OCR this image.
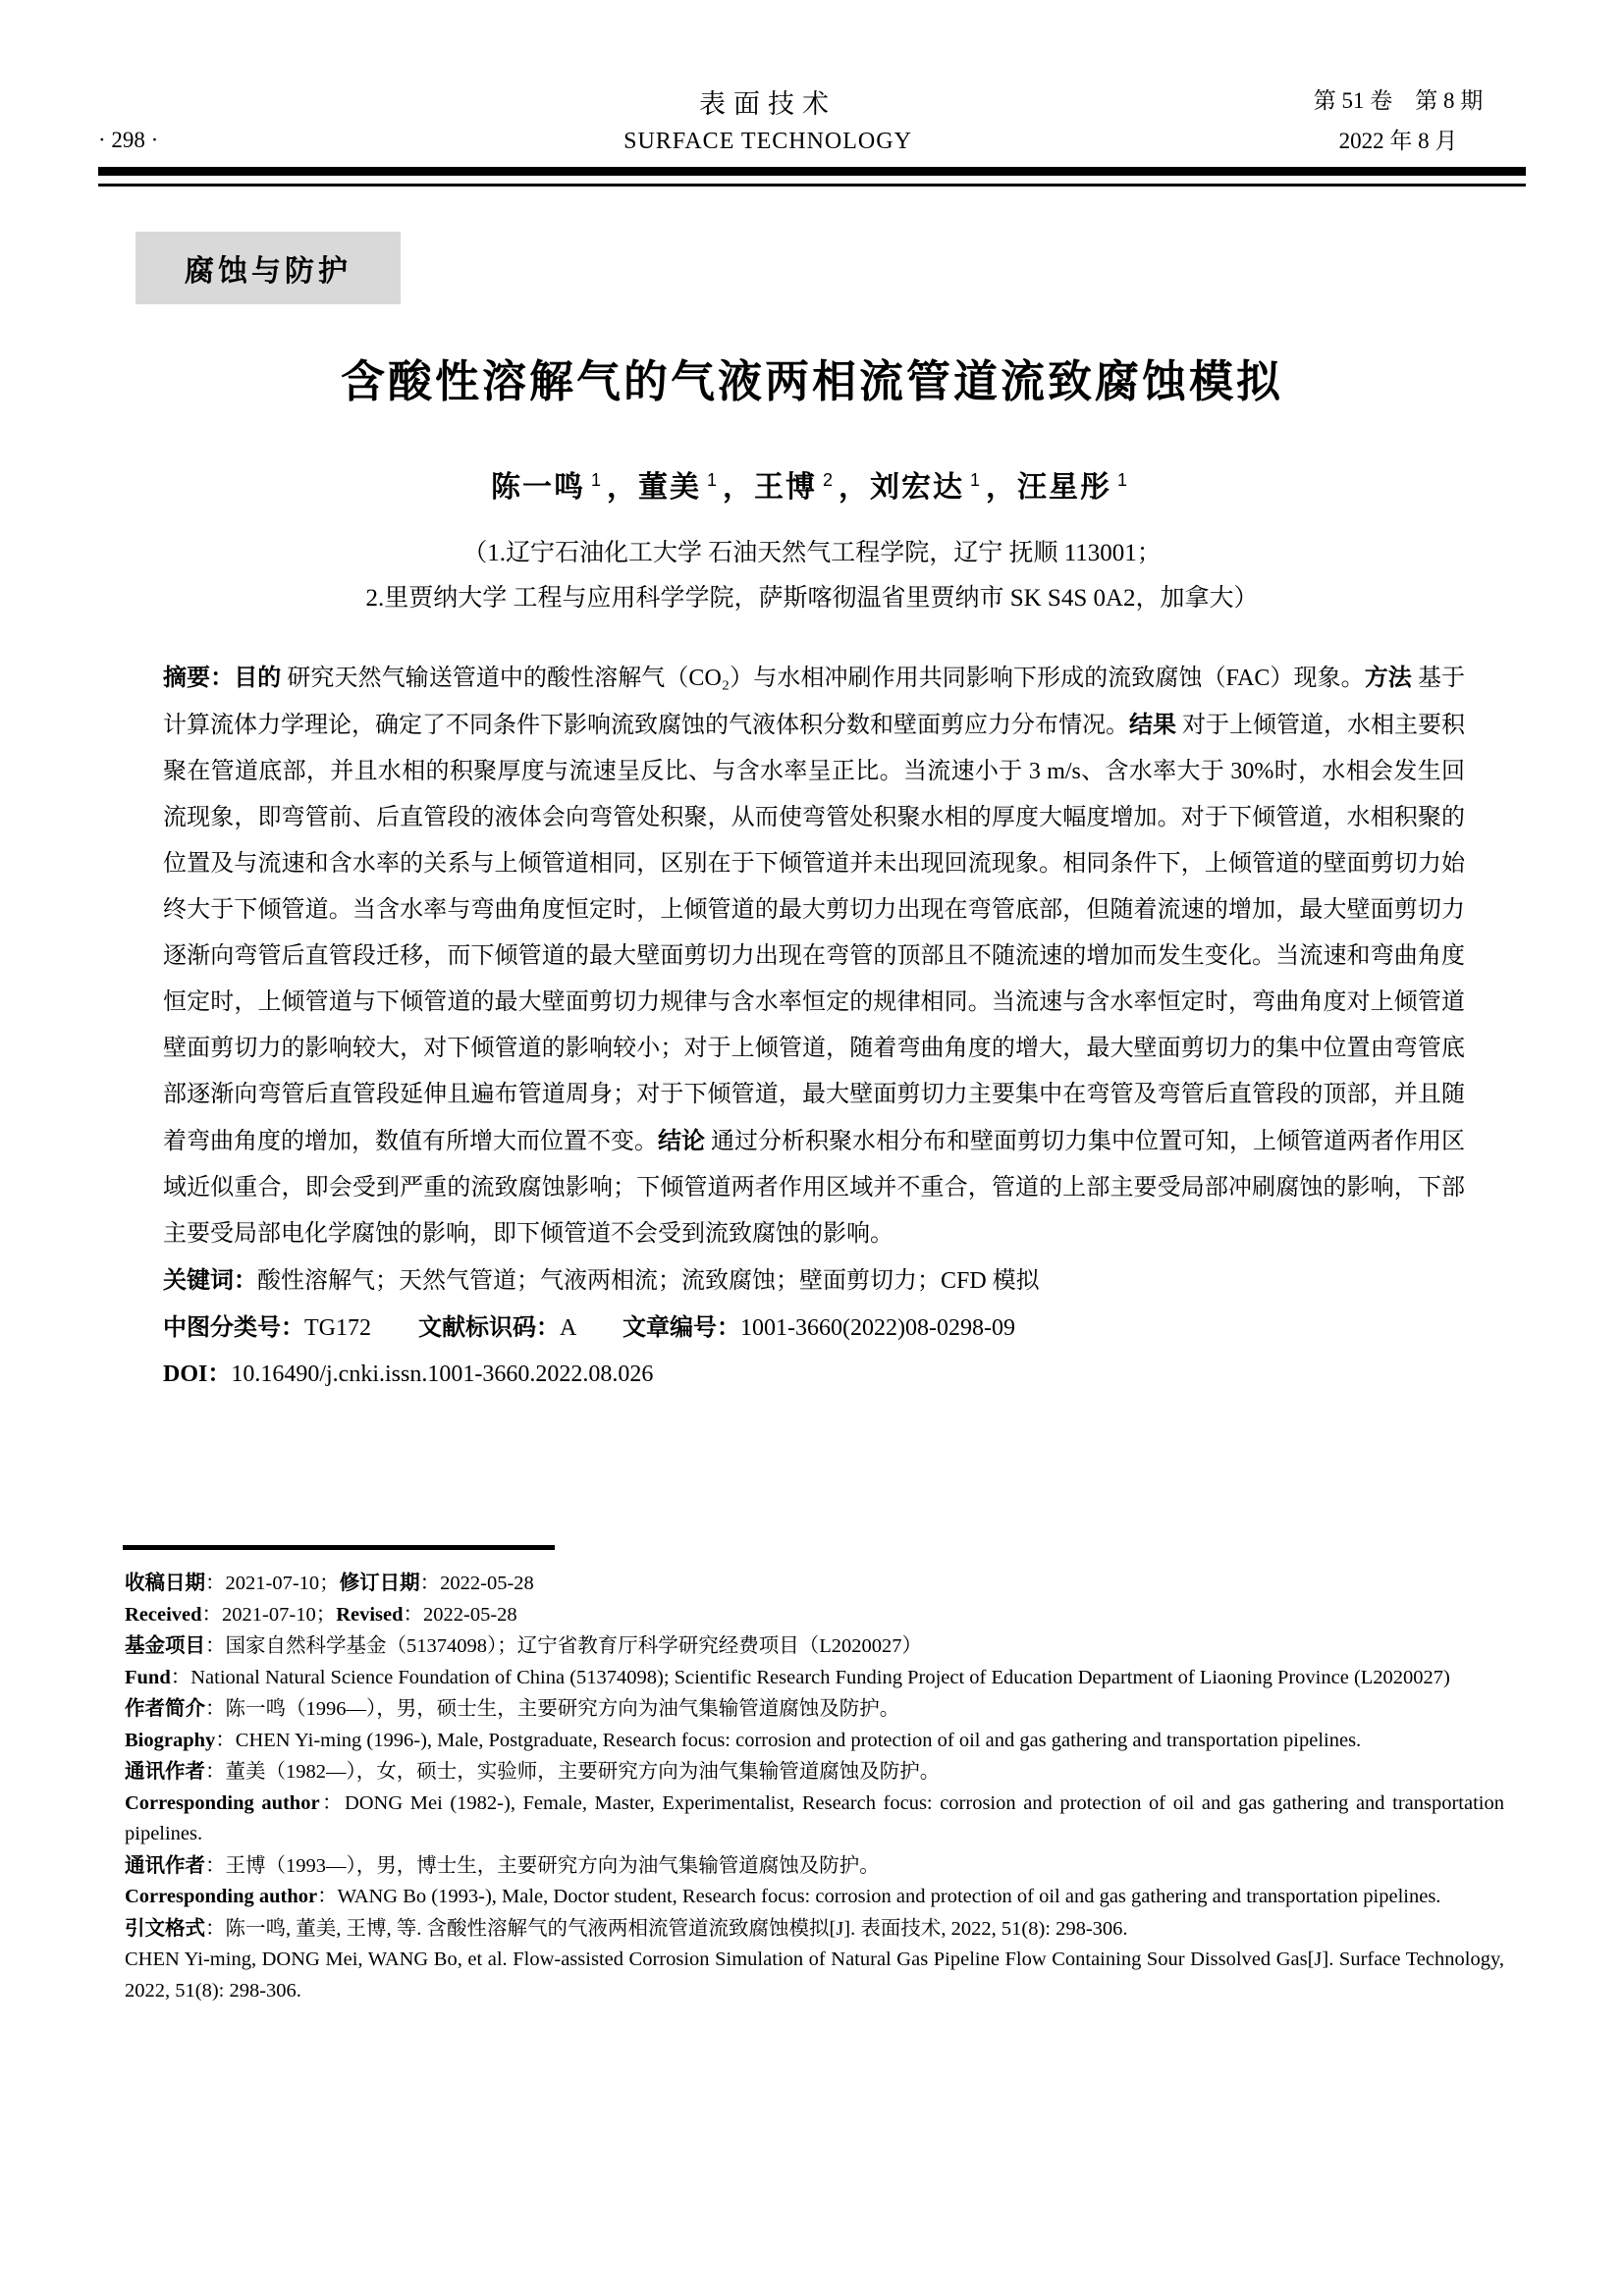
· 298 ·
表面技术
SURFACE TECHNOLOGY
第 51 卷　第 8 期
2022 年 8 月
腐蚀与防护
含酸性溶解气的气液两相流管道流致腐蚀模拟
陈一鸣 $^1$ ，董美 $^1$ ，王博 $^2$ ，刘宏达 $^1$ ，汪星彤 $^1$
（1.辽宁石油化工大学 石油天然气工程学院，辽宁 抚顺 113001；
2.里贾纳大学 工程与应用科学学院，萨斯喀彻温省里贾纳市 SK S4S 0A2，加拿大）
摘要：目的 研究天然气输送管道中的酸性溶解气（CO₂）与水相冲刷作用共同影响下形成的流致腐蚀（FAC）现象。方法 基于计算流体力学理论，确定了不同条件下影响流致腐蚀的气液体积分数和壁面剪应力分布情况。结果 对于上倾管道，水相主要积聚在管道底部，并且水相的积聚厚度与流速呈反比、与含水率呈正比。当流速小于 3 m/s、含水率大于 30%时，水相会发生回流现象，即弯管前、后直管段的液体会向弯管处积聚，从而使弯管处积聚水相的厚度大幅度增加。对于下倾管道，水相积聚的位置及与流速和含水率的关系与上倾管道相同，区别在于下倾管道并未出现回流现象。相同条件下，上倾管道的壁面剪切力始终大于下倾管道。当含水率与弯曲角度恒定时，上倾管道的最大剪切力出现在弯管底部，但随着流速的增加，最大壁面剪切力逐渐向弯管后直管段迁移，而下倾管道的最大壁面剪切力出现在弯管的顶部且不随流速的增加而发生变化。当流速和弯曲角度恒定时，上倾管道与下倾管道的最大壁面剪切力规律与含水率恒定的规律相同。当流速与含水率恒定时，弯曲角度对上倾管道壁面剪切力的影响较大，对下倾管道的影响较小；对于上倾管道，随着弯曲角度的增大，最大壁面剪切力的集中位置由弯管底部逐渐向弯管后直管段延伸且遍布管道周身；对于下倾管道，最大壁面剪切力主要集中在弯管及弯管后直管段的顶部，并且随着弯曲角度的增加，数值有所增大而位置不变。结论 通过分析积聚水相分布和壁面剪切力集中位置可知，上倾管道两者作用区域近似重合，即会受到严重的流致腐蚀影响；下倾管道两者作用区域并不重合，管道的上部主要受局部冲刷腐蚀的影响，下部主要受局部电化学腐蚀的影响，即下倾管道不会受到流致腐蚀的影响。
关键词：酸性溶解气；天然气管道；气液两相流；流致腐蚀；壁面剪切力；CFD 模拟
中图分类号：TG172　　文献标识码：A　　文章编号：1001-3660(2022)08-0298-09
DOI：10.16490/j.cnki.issn.1001-3660.2022.08.026
收稿日期：2021-07-10；修订日期：2022-05-28
Received：2021-07-10；Revised：2022-05-28
基金项目：国家自然科学基金（51374098）；辽宁省教育厅科学研究经费项目（L2020027）
Fund：National Natural Science Foundation of China (51374098); Scientific Research Funding Project of Education Department of Liaoning Province (L2020027)
作者简介：陈一鸣（1996—），男，硕士生，主要研究方向为油气集输管道腐蚀及防护。
Biography：CHEN Yi-ming (1996-), Male, Postgraduate, Research focus: corrosion and protection of oil and gas gathering and transportation pipelines.
通讯作者：董美（1982—），女，硕士，实验师，主要研究方向为油气集输管道腐蚀及防护。
Corresponding author：DONG Mei (1982-), Female, Master, Experimentalist, Research focus: corrosion and protection of oil and gas gathering and transportation pipelines.
通讯作者：王博（1993—），男，博士生，主要研究方向为油气集输管道腐蚀及防护。
Corresponding author：WANG Bo (1993-), Male, Doctor student, Research focus: corrosion and protection of oil and gas gathering and transportation pipelines.
引文格式：陈一鸣, 董美, 王博, 等. 含酸性溶解气的气液两相流管道流致腐蚀模拟[J]. 表面技术, 2022, 51(8): 298-306.
CHEN Yi-ming, DONG Mei, WANG Bo, et al. Flow-assisted Corrosion Simulation of Natural Gas Pipeline Flow Containing Sour Dissolved Gas[J]. Surface Technology, 2022, 51(8): 298-306.
